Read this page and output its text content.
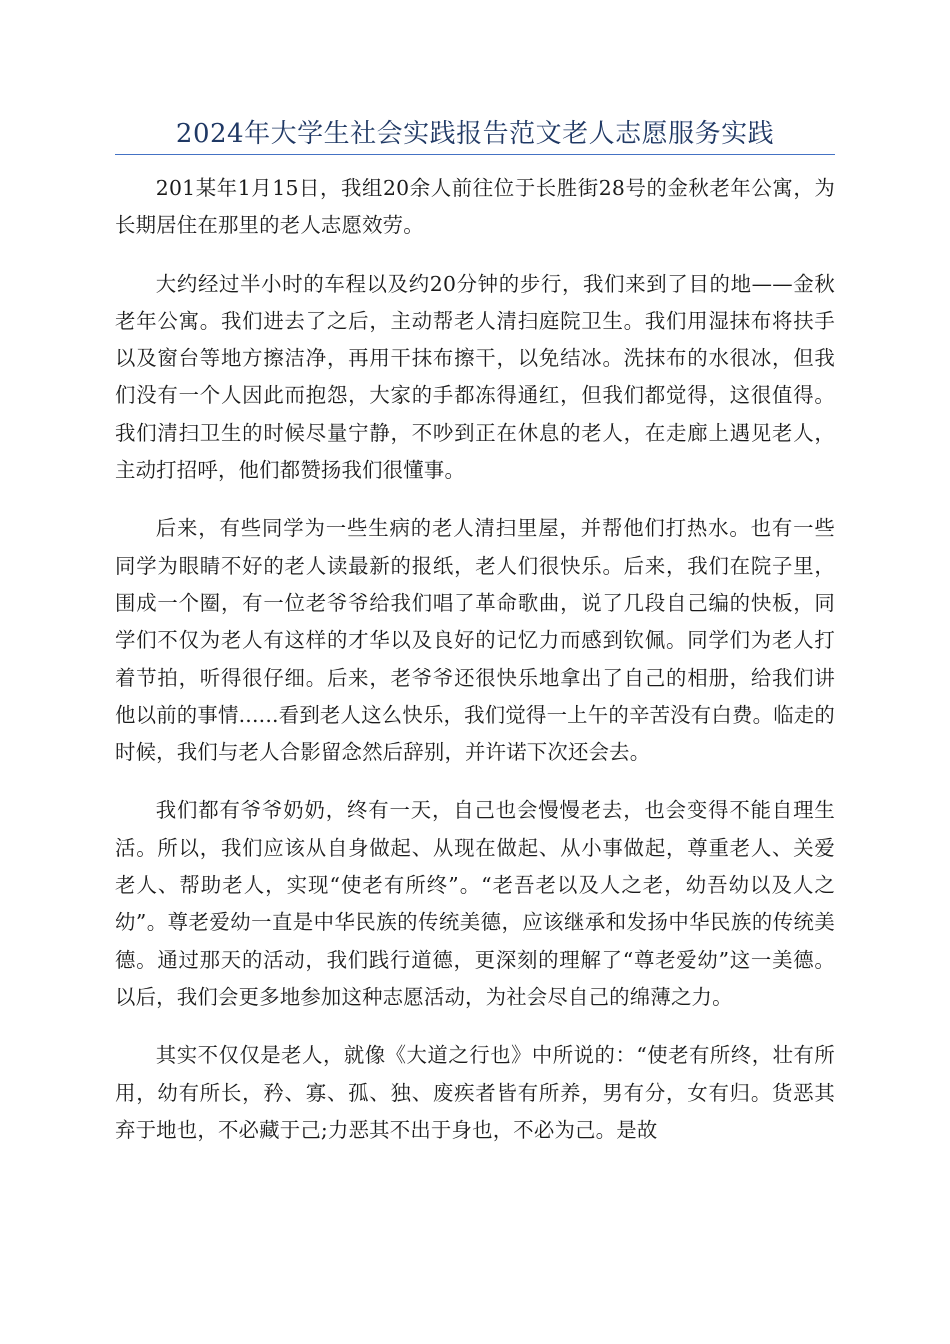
2024年大学生社会实践报告范文老人志愿服务实践

201某年1月15日，我组20余人前往位于长胜街28号的金秋老年公寓，为长期居住在那里的老人志愿效劳。

大约经过半小时的车程以及约20分钟的步行，我们来到了目的地——金秋老年公寓。我们进去了之后，主动帮老人清扫庭院卫生。我们用湿抹布将扶手以及窗台等地方擦洁净，再用干抹布擦干，以免结冰。洗抹布的水很冰，但我们没有一个人因此而抱怨，大家的手都冻得通红，但我们都觉得，这很值得。我们清扫卫生的时候尽量宁静，不吵到正在休息的老人，在走廊上遇见老人，主动打招呼，他们都赞扬我们很懂事。

后来，有些同学为一些生病的老人清扫里屋，并帮他们打热水。也有一些同学为眼睛不好的老人读最新的报纸，老人们很快乐。后来，我们在院子里，围成一个圈，有一位老爷爷给我们唱了革命歌曲，说了几段自己编的快板，同学们不仅为老人有这样的才华以及良好的记忆力而感到钦佩。同学们为老人打着节拍，听得很仔细。后来，老爷爷还很快乐地拿出了自己的相册，给我们讲他以前的事情......看到老人这么快乐，我们觉得一上午的辛苦没有白费。临走的时候，我们与老人合影留念然后辞别，并许诺下次还会去。

我们都有爷爷奶奶，终有一天，自己也会慢慢老去，也会变得不能自理生活。所以，我们应该从自身做起、从现在做起、从小事做起，尊重老人、关爱老人、帮助老人，实现“使老有所终”。“老吾老以及人之老，幼吾幼以及人之幼”。尊老爱幼一直是中华民族的传统美德，应该继承和发扬中华民族的传统美德。通过那天的活动，我们践行道德，更深刻的理解了“尊老爱幼”这一美德。以后，我们会更多地参加这种志愿活动，为社会尽自己的绵薄之力。

其实不仅仅是老人，就像《大道之行也》中所说的：“使老有所终，壮有所用，幼有所长，矜、寡、孤、独、废疾者皆有所养，男有分，女有归。货恶其弃于地也，不必藏于己;力恶其不出于身也，不必为己。是故
